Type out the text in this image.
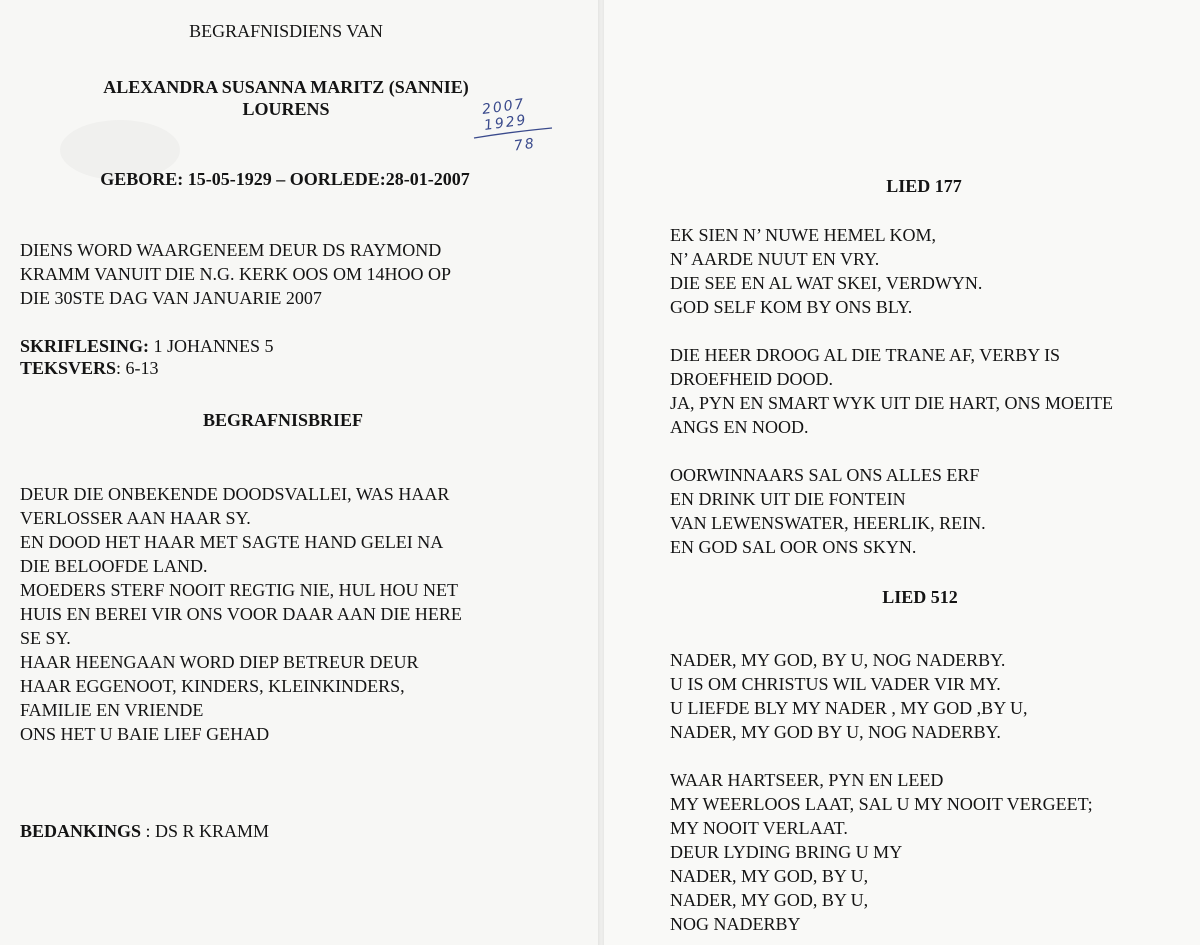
BEGRAFNISDIENS VAN

ALEXANDRA SUSANNA MARITZ (SANNIE)

LOURENS	2007
1929
78

GEBORE: 15-05-1929 – OORLEDE:28-01-2007

DIENS WORD WAARGENEEM DEUR DS RAYMOND
KRAMM VANUIT DIE N.G. KERK OOS OM 14HOO OP
DIE 30STE DAG VAN JANUARIE 2007

SKRIFLESING: 1 JOHANNES 5

TEKSVERS: 6-13

BEGRAFNISBRIEF

DEUR DIE ONBEKENDE DOODSVALLEI, WAS HAAR
VERLOSSER AAN HAAR SY.
EN DOOD HET HAAR MET SAGTE HAND GELEI NA
DIE BELOOFDE LAND.
MOEDERS STERF NOOIT REGTIG NIE, HUL HOU NET
HUIS EN BEREI VIR ONS VOOR DAAR AAN DIE HERE
SE SY.
HAAR HEENGAAN WORD DIEP BETREUR DEUR
HAAR EGGENOOT, KINDERS, KLEINKINDERS,
FAMILIE EN VRIENDE
ONS HET U BAIE LIEF GEHAD

BEDANKINGS : DS R KRAMM

LIED 177

EK SIEN N’ NUWE HEMEL KOM,
N’ AARDE NUUT EN VRY.
DIE SEE EN AL WAT SKEI, VERDWYN.
GOD SELF KOM BY ONS BLY.
DIE HEER DROOG AL DIE TRANE AF, VERBY IS
DROEFHEID DOOD.
JA, PYN EN SMART WYK UIT DIE HART, ONS MOEITE
ANGS EN NOOD.
OORWINNAARS SAL ONS ALLES ERF
EN DRINK UIT DIE FONTEIN
VAN LEWENSWATER, HEERLIK, REIN.
EN GOD SAL OOR ONS SKYN.

LIED 512

NADER, MY GOD, BY U, NOG NADERBY.
U IS OM CHRISTUS WIL VADER VIR MY.
U LIEFDE BLY MY NADER , MY GOD ,BY U,
NADER, MY GOD BY U, NOG NADERBY.
WAAR HARTSEER, PYN EN LEED
MY WEERLOOS LAAT, SAL U MY NOOIT VERGEET;
MY NOOIT VERLAAT.
DEUR LYDING BRING U MY
NADER, MY GOD, BY U,
NADER, MY GOD, BY U,
NOG NADERBY
